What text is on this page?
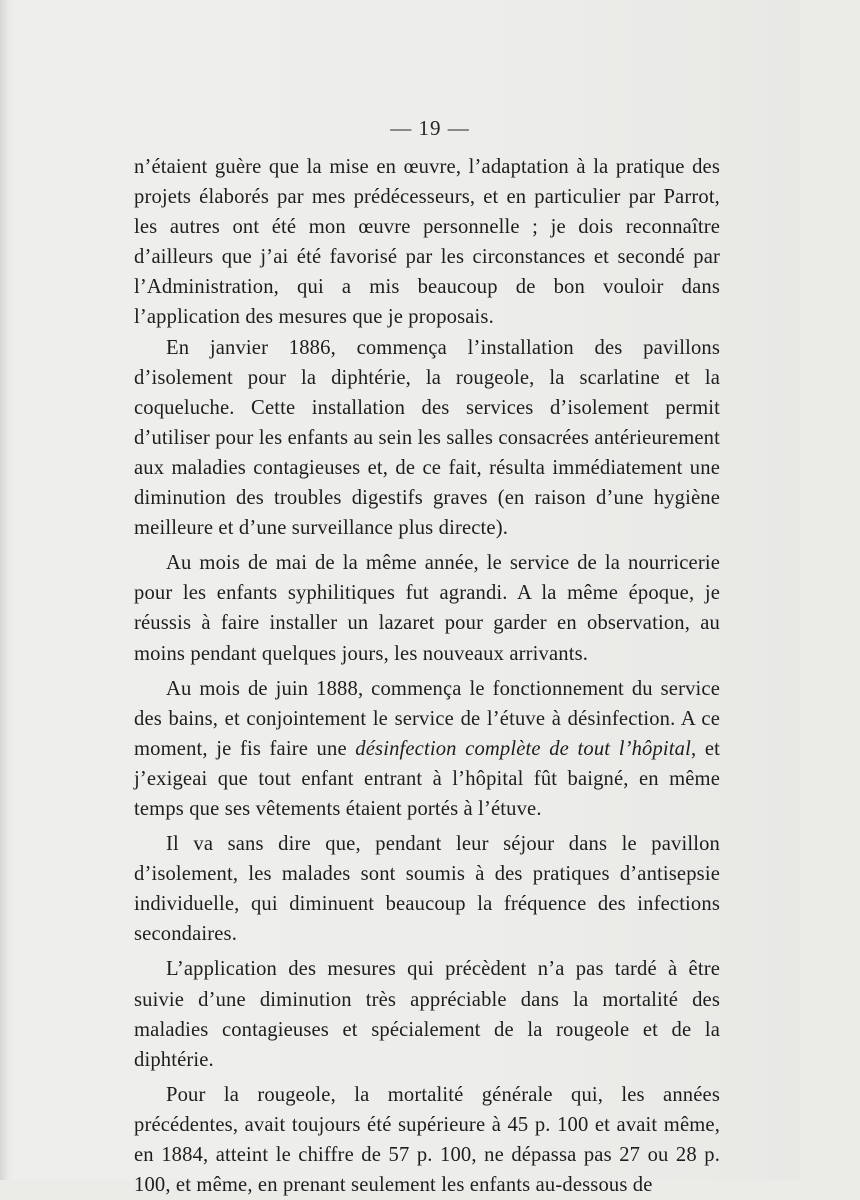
— 19 —

n’étaient guère que la mise en œuvre, l’adaptation à la pratique des projets élaborés par mes prédécesseurs, et en particulier par Parrot, les autres ont été mon œuvre personnelle ; je dois reconnaître d’ailleurs que j’ai été favorisé par les circonstances et secondé par l’Administration, qui a mis beaucoup de bon vouloir dans l’application des mesures que je proposais.

En janvier 1886, commença l’installation des pavillons d’isolement pour la diphtérie, la rougeole, la scarlatine et la coqueluche. Cette installation des services d’isolement permit d’utiliser pour les enfants au sein les salles consacrées antérieurement aux maladies contagieuses et, de ce fait, résulta immédiatement une diminution des troubles digestifs graves (en raison d’une hygiène meilleure et d’une surveillance plus directe).

Au mois de mai de la même année, le service de la nourricerie pour les enfants syphilitiques fut agrandi. A la même époque, je réussis à faire installer un lazaret pour garder en observation, au moins pendant quelques jours, les nouveaux arrivants.

Au mois de juin 1888, commença le fonctionnement du service des bains, et conjointement le service de l’étuve à désinfection. A ce moment, je fis faire une désinfection complète de tout l’hôpital, et j’exigeai que tout enfant entrant à l’hôpital fût baigné, en même temps que ses vêtements étaient portés à l’étuve.

Il va sans dire que, pendant leur séjour dans le pavillon d’isolement, les malades sont soumis à des pratiques d’antisepsie individuelle, qui diminuent beaucoup la fréquence des infections secondaires.

L’application des mesures qui précèdent n’a pas tardé à être suivie d’une diminution très appréciable dans la mortalité des maladies contagieuses et spécialement de la rougeole et de la diphtérie.

Pour la rougeole, la mortalité générale qui, les années précédentes, avait toujours été supérieure à 45 p. 100 et avait même, en 1884, atteint le chiffre de 57 p. 100, ne dépassa pas 27 ou 28 p. 100, et même, en prenant seulement les enfants au-dessous de
